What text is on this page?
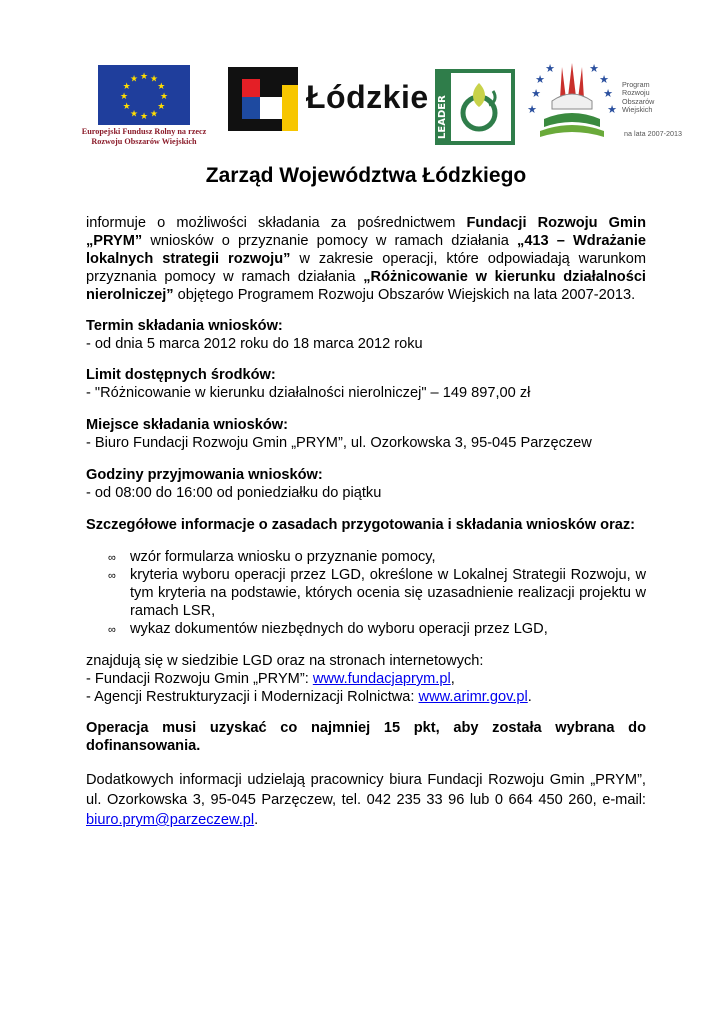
★ ★
★
★
★
★
★
★
★
★
★
★
Europejski Fundusz Rolny na rzecz Rozwoju Obszarów Wiejskich
Łódzkie LEADER
★
★
★
★
★
★
★	★
Program
Rozwoju
Obszarów
Wiejskich
na lata 2007-2013
Zarząd Województwa Łódzkiego

informuje o możliwości składania za pośrednictwem Fundacji Rozwoju Gmin „PRYM” wniosków o przyznanie pomocy w ramach działania „413 – Wdrażanie lokalnych strategii rozwoju” w zakresie operacji, które odpowiadają warunkom przyznania pomocy w ramach działania „Różnicowanie w kierunku działalności nierolniczej” objętego Programem Rozwoju Obszarów Wiejskich na lata 2007-2013.

Termin składania wniosków:
- od dnia 5 marca 2012 roku do 18 marca 2012 roku
Limit dostępnych środków:
- "Różnicowanie w kierunku działalności nierolniczej" – 149 897,00 zł
Miejsce składania wniosków:
- Biuro Fundacji Rozwoju Gmin „PRYM”, ul. Ozorkowska 3, 95-045 Parzęczew
Godziny przyjmowania wniosków:
- od 08:00 do 16:00 od poniedziałku do piątku
Szczegółowe informacje o zasadach przygotowania i składania wniosków oraz:
∞ wzór formularza wniosku o przyznanie pomocy,
∞ kryteria wyboru operacji przez LGD, określone w Lokalnej Strategii Rozwoju, w tym kryteria na podstawie, których ocenia się uzasadnienie realizacji projektu w ramach LSR,
∞ wykaz dokumentów niezbędnych do wyboru operacji przez LGD,
znajdują się w siedzibie LGD oraz na stronach internetowych:
- Fundacji Rozwoju Gmin „PRYM”: www.fundacjaprym.pl,
- Agencji Restrukturyzacji i Modernizacji Rolnictwa: www.arimr.gov.pl.

Operacja musi uzyskać co najmniej 15 pkt, aby została wybrana do dofinansowania.

Dodatkowych informacji udzielają pracownicy biura Fundacji Rozwoju Gmin „PRYM”, ul. Ozorkowska 3, 95-045 Parzęczew, tel. 042 235 33 96 lub 0 664 450 260, e-mail: biuro.prym@parzeczew.pl.
